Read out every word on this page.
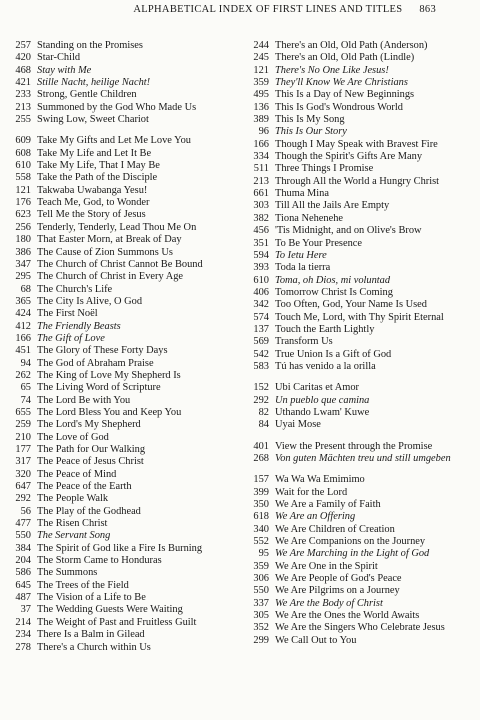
ALPHABETICAL INDEX OF FIRST LINES AND TITLES 863
257 Standing on the Promises
420 Star-Child
468 Stay with Me
421 Stille Nacht, heilige Nacht!
233 Strong, Gentle Children
213 Summoned by the God Who Made Us
255 Swing Low, Sweet Chariot
609 Take My Gifts and Let Me Love You
608 Take My Life and Let It Be
610 Take My Life, That I May Be
558 Take the Path of the Disciple
121 Takwaba Uwabanga Yesu!
176 Teach Me, God, to Wonder
623 Tell Me the Story of Jesus
256 Tenderly, Tenderly, Lead Thou Me On
180 That Easter Morn, at Break of Day
386 The Cause of Zion Summons Us
347 The Church of Christ Cannot Be Bound
295 The Church of Christ in Every Age
68 The Church's Life
365 The City Is Alive, O God
424 The First Noël
412 The Friendly Beasts
166 The Gift of Love
451 The Glory of These Forty Days
94 The God of Abraham Praise
262 The King of Love My Shepherd Is
65 The Living Word of Scripture
74 The Lord Be with You
655 The Lord Bless You and Keep You
259 The Lord's My Shepherd
210 The Love of God
177 The Path for Our Walking
317 The Peace of Jesus Christ
320 The Peace of Mind
647 The Peace of the Earth
292 The People Walk
56 The Play of the Godhead
477 The Risen Christ
550 The Servant Song
384 The Spirit of God like a Fire Is Burning
204 The Storm Came to Honduras
586 The Summons
645 The Trees of the Field
487 The Vision of a Life to Be
37 The Wedding Guests Were Waiting
214 The Weight of Past and Fruitless Guilt
234 There Is a Balm in Gilead
278 There's a Church within Us
244 There's an Old, Old Path (Anderson)
245 There's an Old, Old Path (Lindle)
121 There's No One Like Jesus!
359 They'll Know We Are Christians
495 This Is a Day of New Beginnings
136 This Is God's Wondrous World
389 This Is My Song
96 This Is Our Story
166 Though I May Speak with Bravest Fire
334 Though the Spirit's Gifts Are Many
511 Three Things I Promise
213 Through All the World a Hungry Christ
661 Thuma Mina
303 Till All the Jails Are Empty
382 Tiona Nehenehe
456 'Tis Midnight, and on Olive's Brow
351 To Be Your Presence
594 To Ietu Here
393 Toda la tierra
610 Toma, oh Dios, mi voluntad
406 Tomorrow Christ Is Coming
342 Too Often, God, Your Name Is Used
574 Touch Me, Lord, with Thy Spirit Eternal
137 Touch the Earth Lightly
569 Transform Us
542 True Union Is a Gift of God
583 Tú has venido a la orilla
152 Ubi Caritas et Amor
292 Un pueblo que camina
82 Uthando Lwam' Kuwe
84 Uyai Mose
401 View the Present through the Promise
268 Von guten Mächten treu und still umgeben
157 Wa Wa Wa Emimimo
399 Wait for the Lord
350 We Are a Family of Faith
618 We Are an Offering
340 We Are Children of Creation
552 We Are Companions on the Journey
95 We Are Marching in the Light of God
359 We Are One in the Spirit
306 We Are People of God's Peace
550 We Are Pilgrims on a Journey
337 We Are the Body of Christ
305 We Are the Ones the World Awaits
352 We Are the Singers Who Celebrate Jesus
299 We Call Out to You
